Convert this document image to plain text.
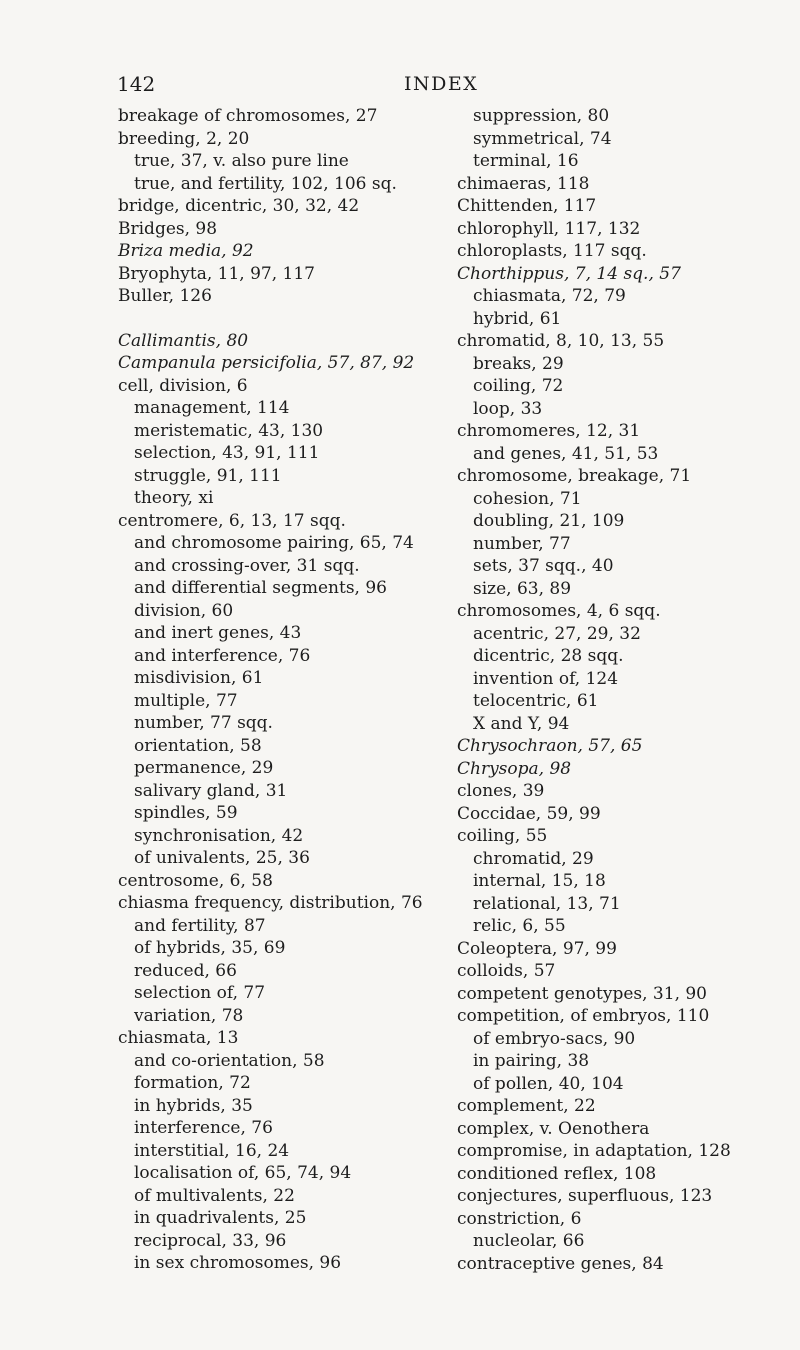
142	INDEX
breakage of chromosomes, 27
breeding, 2, 20
true, 37, v. also pure line
true, and fertility, 102, 106 sq.
bridge, dicentric, 30, 32, 42
Bridges, 98
Briza media, 92
Bryophyta, 11, 97, 117
Buller, 126
Callimantis, 80
Campanula persicifolia, 57, 87, 92
cell, division, 6
management, 114
meristematic, 43, 130
selection, 43, 91, 111
struggle, 91, 111
theory, xi
centromere, 6, 13, 17 sqq.
and chromosome pairing, 65, 74
and crossing-over, 31 sqq.
and differential segments, 96
division, 60
and inert genes, 43
and interference, 76
misdivision, 61
multiple, 77
number, 77 sqq.
orientation, 58
permanence, 29
salivary gland, 31
spindles, 59
synchronisation, 42
of univalents, 25, 36
centrosome, 6, 58
chiasma frequency, distribution, 76
and fertility, 87
of hybrids, 35, 69
reduced, 66
selection of, 77
variation, 78
chiasmata, 13
and co-orientation, 58
formation, 72
in hybrids, 35
interference, 76
interstitial, 16, 24
localisation of, 65, 74, 94
of multivalents, 22
in quadrivalents, 25
reciprocal, 33, 96
in sex chromosomes, 96
suppression, 80
symmetrical, 74
terminal, 16
chimaeras, 118
Chittenden, 117
chlorophyll, 117, 132
chloroplasts, 117 sqq.
Chorthippus, 7, 14 sq., 57
chiasmata, 72, 79
hybrid, 61
chromatid, 8, 10, 13, 55
breaks, 29
coiling, 72
loop, 33
chromomeres, 12, 31
and genes, 41, 51, 53
chromosome, breakage, 71
cohesion, 71
doubling, 21, 109
number, 77
sets, 37 sqq., 40
size, 63, 89
chromosomes, 4, 6 sqq.
acentric, 27, 29, 32
dicentric, 28 sqq.
invention of, 124
telocentric, 61
X and Y, 94
Chrysochraon, 57, 65
Chrysopa, 98
clones, 39
Coccidae, 59, 99
coiling, 55
chromatid, 29
internal, 15, 18
relational, 13, 71
relic, 6, 55
Coleoptera, 97, 99
colloids, 57
competent genotypes, 31, 90
competition, of embryos, 110
of embryo-sacs, 90
in pairing, 38
of pollen, 40, 104
complement, 22
complex, v. Oenothera
compromise, in adaptation, 128
conditioned reflex, 108
conjectures, superfluous, 123
constriction, 6
nucleolar, 66
contraceptive genes, 84
